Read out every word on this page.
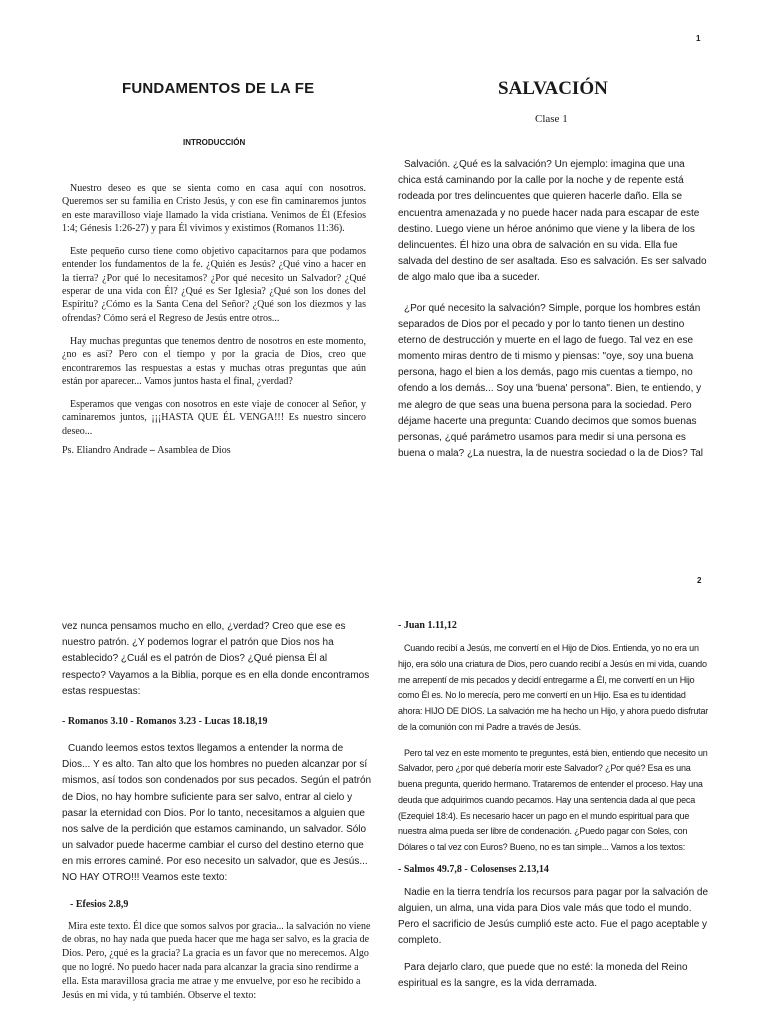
1
FUNDAMENTOS DE LA FE
INTRODUCCIÓN

Nuestro deseo es que se sienta como en casa aquí con nosotros. Queremos ser su familia en Cristo Jesús, y con ese fin caminaremos juntos en este maravilloso viaje llamado la vida cristiana. Venimos de Él (Efesios 1:4; Génesis 1:26-27) y para Él vivimos y existimos (Romanos 11:36).

Este pequeño curso tiene como objetivo capacitarnos para que podamos entender los fundamentos de la fe. ¿Quién es Jesús? ¿Qué vino a hacer en la tierra? ¿Por qué lo necesitamos? ¿Por qué necesito un Salvador? ¿Qué esperar de una vida con Él? ¿Qué es Ser Iglesia? ¿Qué son los dones del Espíritu? ¿Cómo es la Santa Cena del Señor? ¿Qué son los diezmos y las ofrendas? Cómo será el Regreso de Jesús entre otros...

Hay muchas preguntas que tenemos dentro de nosotros en este momento, ¿no es así? Pero con el tiempo y por la gracia de Dios, creo que encontraremos las respuestas a estas y muchas otras preguntas que aún están por aparecer... Vamos juntos hasta el final, ¿verdad?

Esperamos que vengas con nosotros en este viaje de conocer al Señor, y caminaremos juntos, ¡¡¡HASTA QUE ÉL VENGA!!! Es nuestro sincero deseo...

Ps. Eliandro Andrade – Asamblea de Dios
SALVACIÓN
Clase 1

Salvación. ¿Qué es la salvación? Un ejemplo: imagina que una chica está caminando por la calle por la noche y de repente está rodeada por tres delincuentes que quieren hacerle daño. Ella se encuentra amenazada y no puede hacer nada para escapar de este destino. Luego viene un héroe anónimo que viene y la libera de los delincuentes. Él hizo una obra de salvación en su vida. Ella fue salvada del destino de ser asaltada. Eso es salvación. Es ser salvado de algo malo que iba a suceder.

¿Por qué necesito la salvación? Simple, porque los hombres están separados de Dios por el pecado y por lo tanto tienen un destino eterno de destrucción y muerte en el lago de fuego. Tal vez en ese momento miras dentro de ti mismo y piensas: "oye, soy una buena persona, hago el bien a los demás, pago mis cuentas a tiempo, no ofendo a los demás... Soy una 'buena' persona". Bien, te entiendo, y me alegro de que seas una buena persona para la sociedad. Pero déjame hacerte una pregunta: Cuando decimos que somos buenas personas, ¿qué parámetro usamos para medir si una persona es buena o mala? ¿La nuestra, la de nuestra sociedad o la de Dios? Tal

2

vez nunca pensamos mucho en ello, ¿verdad? Creo que ese es nuestro patrón. ¿Y podemos lograr el patrón que Dios nos ha establecido? ¿Cuál es el patrón de Dios? ¿Qué piensa Él al respecto? Vayamos a la Biblia, porque es en ella donde encontramos estas respuestas:

- Romanos 3.10 - Romanos 3.23 - Lucas 18.18,19

Cuando leemos estos textos llegamos a entender la norma de Dios... Y es alto. Tan alto que los hombres no pueden alcanzar por sí mismos, así todos son condenados por sus pecados. Según el patrón de Dios, no hay hombre suficiente para ser salvo, entrar al cielo y pasar la eternidad con Dios. Por lo tanto, necesitamos a alguien que nos salve de la perdición que estamos caminando, un salvador. Sólo un salvador puede hacerme cambiar el curso del destino eterno que en mis errores caminé. Por eso necesito un salvador, que es Jesús... NO HAY OTRO!!! Veamos este texto:

- Efesios 2.8,9

Mira este texto. Él dice que somos salvos por gracia... la salvación no viene de obras, no hay nada que pueda hacer que me haga ser salvo, es la gracia de Dios. Pero, ¿qué es la gracia? La gracia es un favor que no merecemos. Algo que no logré. No puedo hacer nada para alcanzar la gracia sino rendirme a ella. Esta maravillosa gracia me atrae y me envuelve, por eso he recibido a Jesús en mi vida, y tú también. Observe el texto:

- Juan 1.11,12

Cuando recibí a Jesús, me convertí en el Hijo de Dios. Entienda, yo no era un hijo, era sólo una criatura de Dios, pero cuando recibí a Jesús en mi vida, cuando me arrepentí de mis pecados y decidí entregarme a Él, me convertí en un Hijo como Él es. No lo merecía, pero me convertí en un Hijo. Esa es tu identidad ahora: HIJO DE DIOS. La salvación me ha hecho un Hijo, y ahora puedo disfrutar de la comunión con mi Padre a través de Jesús.

Pero tal vez en este momento te preguntes, está bien, entiendo que necesito un Salvador, pero ¿por qué debería morir este Salvador? ¿Por qué? Esa es una buena pregunta, querido hermano. Trataremos de entender el proceso. Hay una deuda que adquirimos cuando pecamos. Hay una sentencia dada al que peca (Ezequiel 18:4). Es necesario hacer un pago en el mundo espiritual para que nuestra alma pueda ser libre de condenación. ¿Puedo pagar con Soles, con Dólares o tal vez con Euros? Bueno, no es tan simple... Vamos a los textos:

- Salmos 49.7,8 - Colosenses 2.13,14

Nadie en la tierra tendría los recursos para pagar por la salvación de alguien, un alma, una vida para Dios vale más que todo el mundo. Pero el sacrificio de Jesús cumplió este acto. Fue el pago aceptable y completo.

Para dejarlo claro, que puede que no esté: la moneda del Reino espiritual es la sangre, es la vida derramada.
